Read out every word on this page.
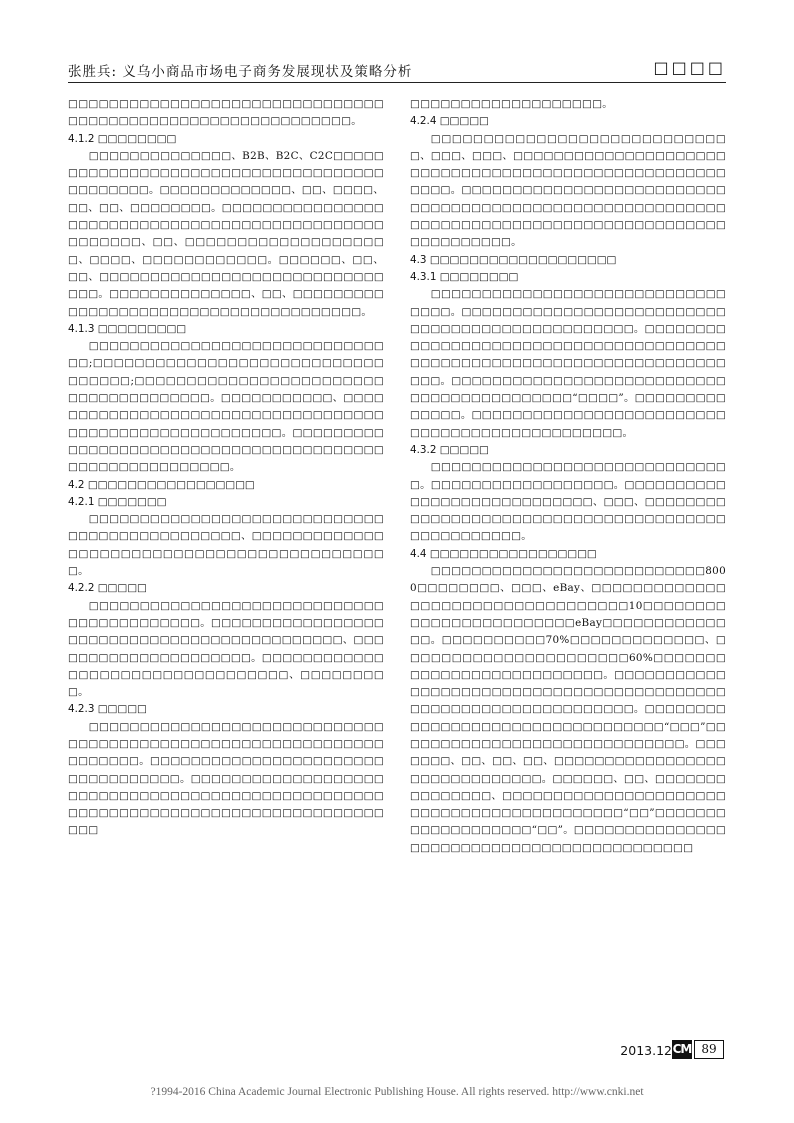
张胜兵: 义乌小商品市场电子商务发展现状及策略分析	□□□□
□□□□□□□□□□□□□□□□□□□□□□□□□□□□□□□□□□□□□□□□□□□□□□□□□□□□□□□□□□□。
4.1.2 □□□□□□□□
□□□□□□□□□□□□□□、B2B、B2C、C2C□□□□□□□□□□□□□□□□□□□□□□□□□□□□□□□□□□□□□□□□□□□□。□□□□□□□□□□□□□、□□、□□□□、□□、□□、□□□□□□□□。□□□□□□□□□□□□□□□□□□□□□□□□□□□□□□□□□□□□□□□□□□□□□□□□□□□□□□、□□、□□□□□□□□□□□□□□□□□□□□、□□□□、□□□□□□□□□□□□。□□□□□□、□□、□□、□□□□□□□□□□□□□□□□□□□□□□□□□□□□□□□。□□□□□□□□□□□□□□、□□、□□□□□□□□□□□□□□□□□□□□□□□□□□□□□□□□□□□□□□。
4.1.3 □□□□□□□□□
□□□□□□□□□□□□□□□□□□□□□□□□□□□□□□□;□□□□□□□□□□□□□□□□□□□□□□□□□□□□□□□□□□;□□□□□□□□□□□□□□□□□□□□□□□□□□□□□□□□□□□□□□。□□□□□□□□□□□、□□□□□□□□□□□□□□□□□□□□□□□□□□□□□□□□□□□□□□□□□□□□□□□□□□□□□□□□。□□□□□□□□□□□□□□□□□□□□□□□□□□□□□□□□□□□□□□□□□□□□□□□□□□□□□□□□。
4.2 □□□□□□□□□□□□□□□□□
4.2.1 □□□□□□□
□□□□□□□□□□□□□□□□□□□□□□□□□□□□□□□□□□□□□□□□□□□□□□、□□□□□□□□□□□□□□□□□□□□□□□□□□□□□□□□□□□□□□□□□□□□。
4.2.2 □□□□□
□□□□□□□□□□□□□□□□□□□□□□□□□□□□□□□□□□□□□□□□□□。□□□□□□□□□□□□□□□□□□□□□□□□□□□□□□□□□□□□□□□□□□□□、□□□□□□□□□□□□□□□□□□□□□。□□□□□□□□□□□□□□□□□□□□□□□□□□□□□□□□□、□□□□□□□□□。
4.2.3 □□□□□
□□□□□□□□□□□□□□□□□□□□□□□□□□□□□□□□□□□□□□□□□□□□□□□□□□□□□□□□□□□□□□□□□□□。□□□□□□□□□□□□□□□□□□□□□□□□□□□□□□□□□□。□□□□□□□□□□□□□□□□□□□□□□□□□□□□□□□□□□□□□□□□□□□□□□□□□□□□□□□□□□□□□□□□□□□□□□□□□□□□□□□□□□□□
□□□□□□□□□□□□□□□□□□□。
4.2.4 □□□□□
□□□□□□□□□□□□□□□□□□□□□□□□□□□□□、□□□、□□□、□□□□□□□□□□□□□□□□□□□□□□□□□□□□□□□□□□□□□□□□□□□□□□□□□□□□□□□□。□□□□□□□□□□□□□□□□□□□□□□□□□□□□□□□□□□□□□□□□□□□□□□□□□□□□□□□□□□□□□□□□□□□□□□□□□□□□□□□□□□□□□□□□□□□□□□□□□□。
4.3 □□□□□□□□□□□□□□□□□□□
4.3.1 □□□□□□□□
□□□□□□□□□□□□□□□□□□□□□□□□□□□□□□□□□。□□□□□□□□□□□□□□□□□□□□□□□□□□□□□□□□□□□□□□□□□□□□□□□□。□□□□□□□□□□□□□□□□□□□□□□□□□□□□□□□□□□□□□□□□□□□□□□□□□□□□□□□□□□□□□□□□□□□□□□□□□。□□□□□□□□□□□□□□□□□□□□□□□□□□□□□□□□□□□□□□□□□□□“□□□□”。□□□□□□□□□□□□□□。□□□□□□□□□□□□□□□□□□□□□□□□□□□□□□□□□□□□□□□□□□□□□□。
4.3.2 □□□□□
□□□□□□□□□□□□□□□□□□□□□□□□□□□□□□。□□□□□□□□□□□□□□□□□□。□□□□□□□□□□□□□□□□□□□□□□□□□□□□、□□□、□□□□□□□□□□□□□□□□□□□□□□□□□□□□□□□□□□□□□□□□□□□□□□□□□□。
4.4 □□□□□□□□□□□□□□□□□
□□□□□□□□□□□□□□□□□□□□□□□□□□□8000□□□□□□□□、□□□、eBay、□□□□□□□□□□□□□□□□□□□□□□□□□□□□□□□□□□10□□□□□□□□□□□□□□□□□□□□□□□□eBay□□□□□□□□□□□□□□。□□□□□□□□□□70%□□□□□□□□□□□□□、□□□□□□□□□□□□□□□□□□□□□□60%□□□□□□□□□□□□□□□□□□□□□□□□□□。□□□□□□□□□□□□□□□□□□□□□□□□□□□□□□□□□□□□□□□□□□□□□□□□□□□□□□□□□□□□□□□□。□□□□□□□□□□□□□□□□□□□□□□□□□□□□□□□□□“□□□”□□□□□□□□□□□□□□□□□□□□□□□□□□□□□。□□□□□□□、□□、□□、□□、□□□□□□□□□□□□□□□□□□□□□□□□□□□□□□。□□□□□□、□□、□□□□□□□□□□□□□□□、□□□□□□□□□□□□□□□□□□□□□□□□□□□□□□□□□□□□□□□□□□□“□□”□□□□□□□□□□□□□□□□□□□“□□”。□□□□□□□□□□□□□□□□□□□□□□□□□□□□□□□□□□□□□□□□□□□
2013.12 CM 89
?1994-2016 China Academic Journal Electronic Publishing House. All rights reserved. http://www.cnki.net
